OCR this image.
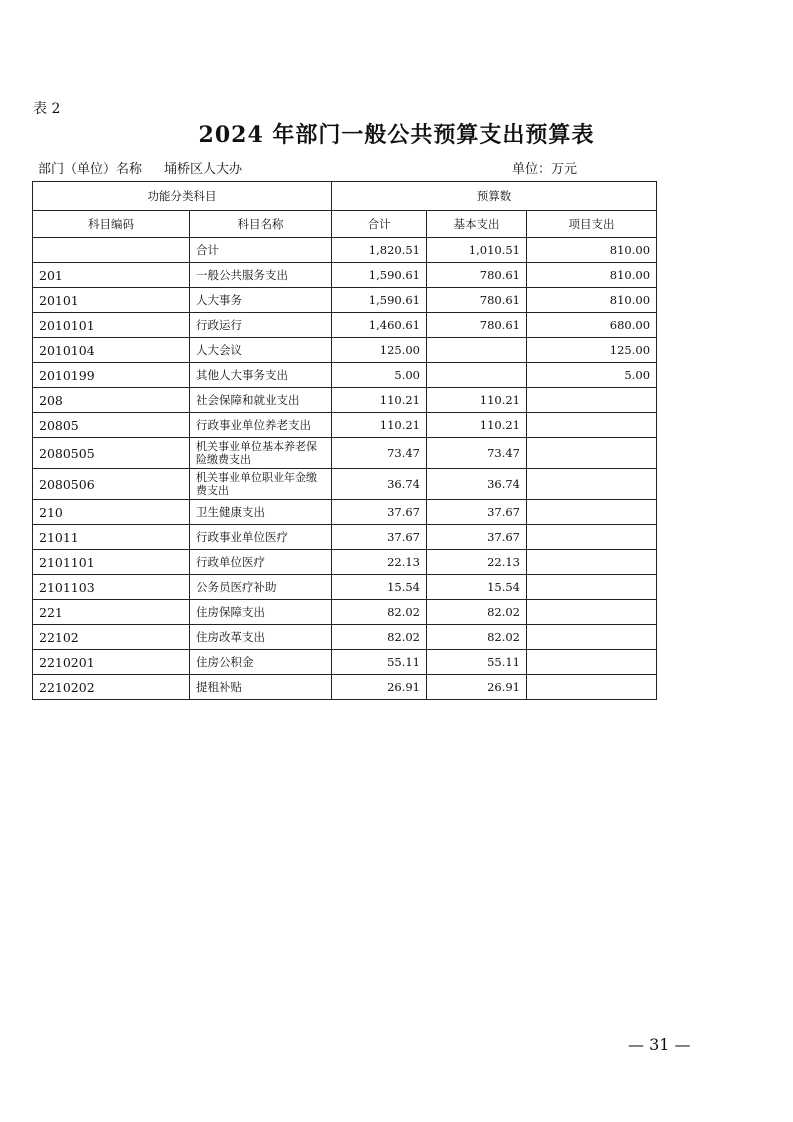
表 2
2024 年部门一般公共预算支出预算表
部门（单位）名称 埇桥区人大办	单位：万元
功能分类科目		预算数		
科目编码	科目名称	合计	基本支出	项目支出
	合计	1,820.51	1,010.51	810.00
201	一般公共服务支出	1,590.61	780.61	810.00
20101	人大事务	1,590.61	780.61	810.00
2010101	行政运行	1,460.61	780.61	680.00
2010104	人大会议	125.00		125.00
2010199	其他人大事务支出	5.00		5.00
208	社会保障和就业支出	110.21	110.21	
20805	行政事业单位养老支出	110.21	110.21	
2080505	机关事业单位基本养老保险缴费支出	73.47	73.47	
2080506	机关事业单位职业年金缴费支出	36.74	36.74	
210	卫生健康支出	37.67	37.67	
21011	行政事业单位医疗	37.67	37.67	
2101101	行政单位医疗	22.13	22.13	
2101103	公务员医疗补助	15.54	15.54	
221	住房保障支出	82.02	82.02	
22102	住房改革支出	82.02	82.02	
2210201	住房公积金	55.11	55.11	
2210202	提租补贴	26.91	26.91	
— 31 —
